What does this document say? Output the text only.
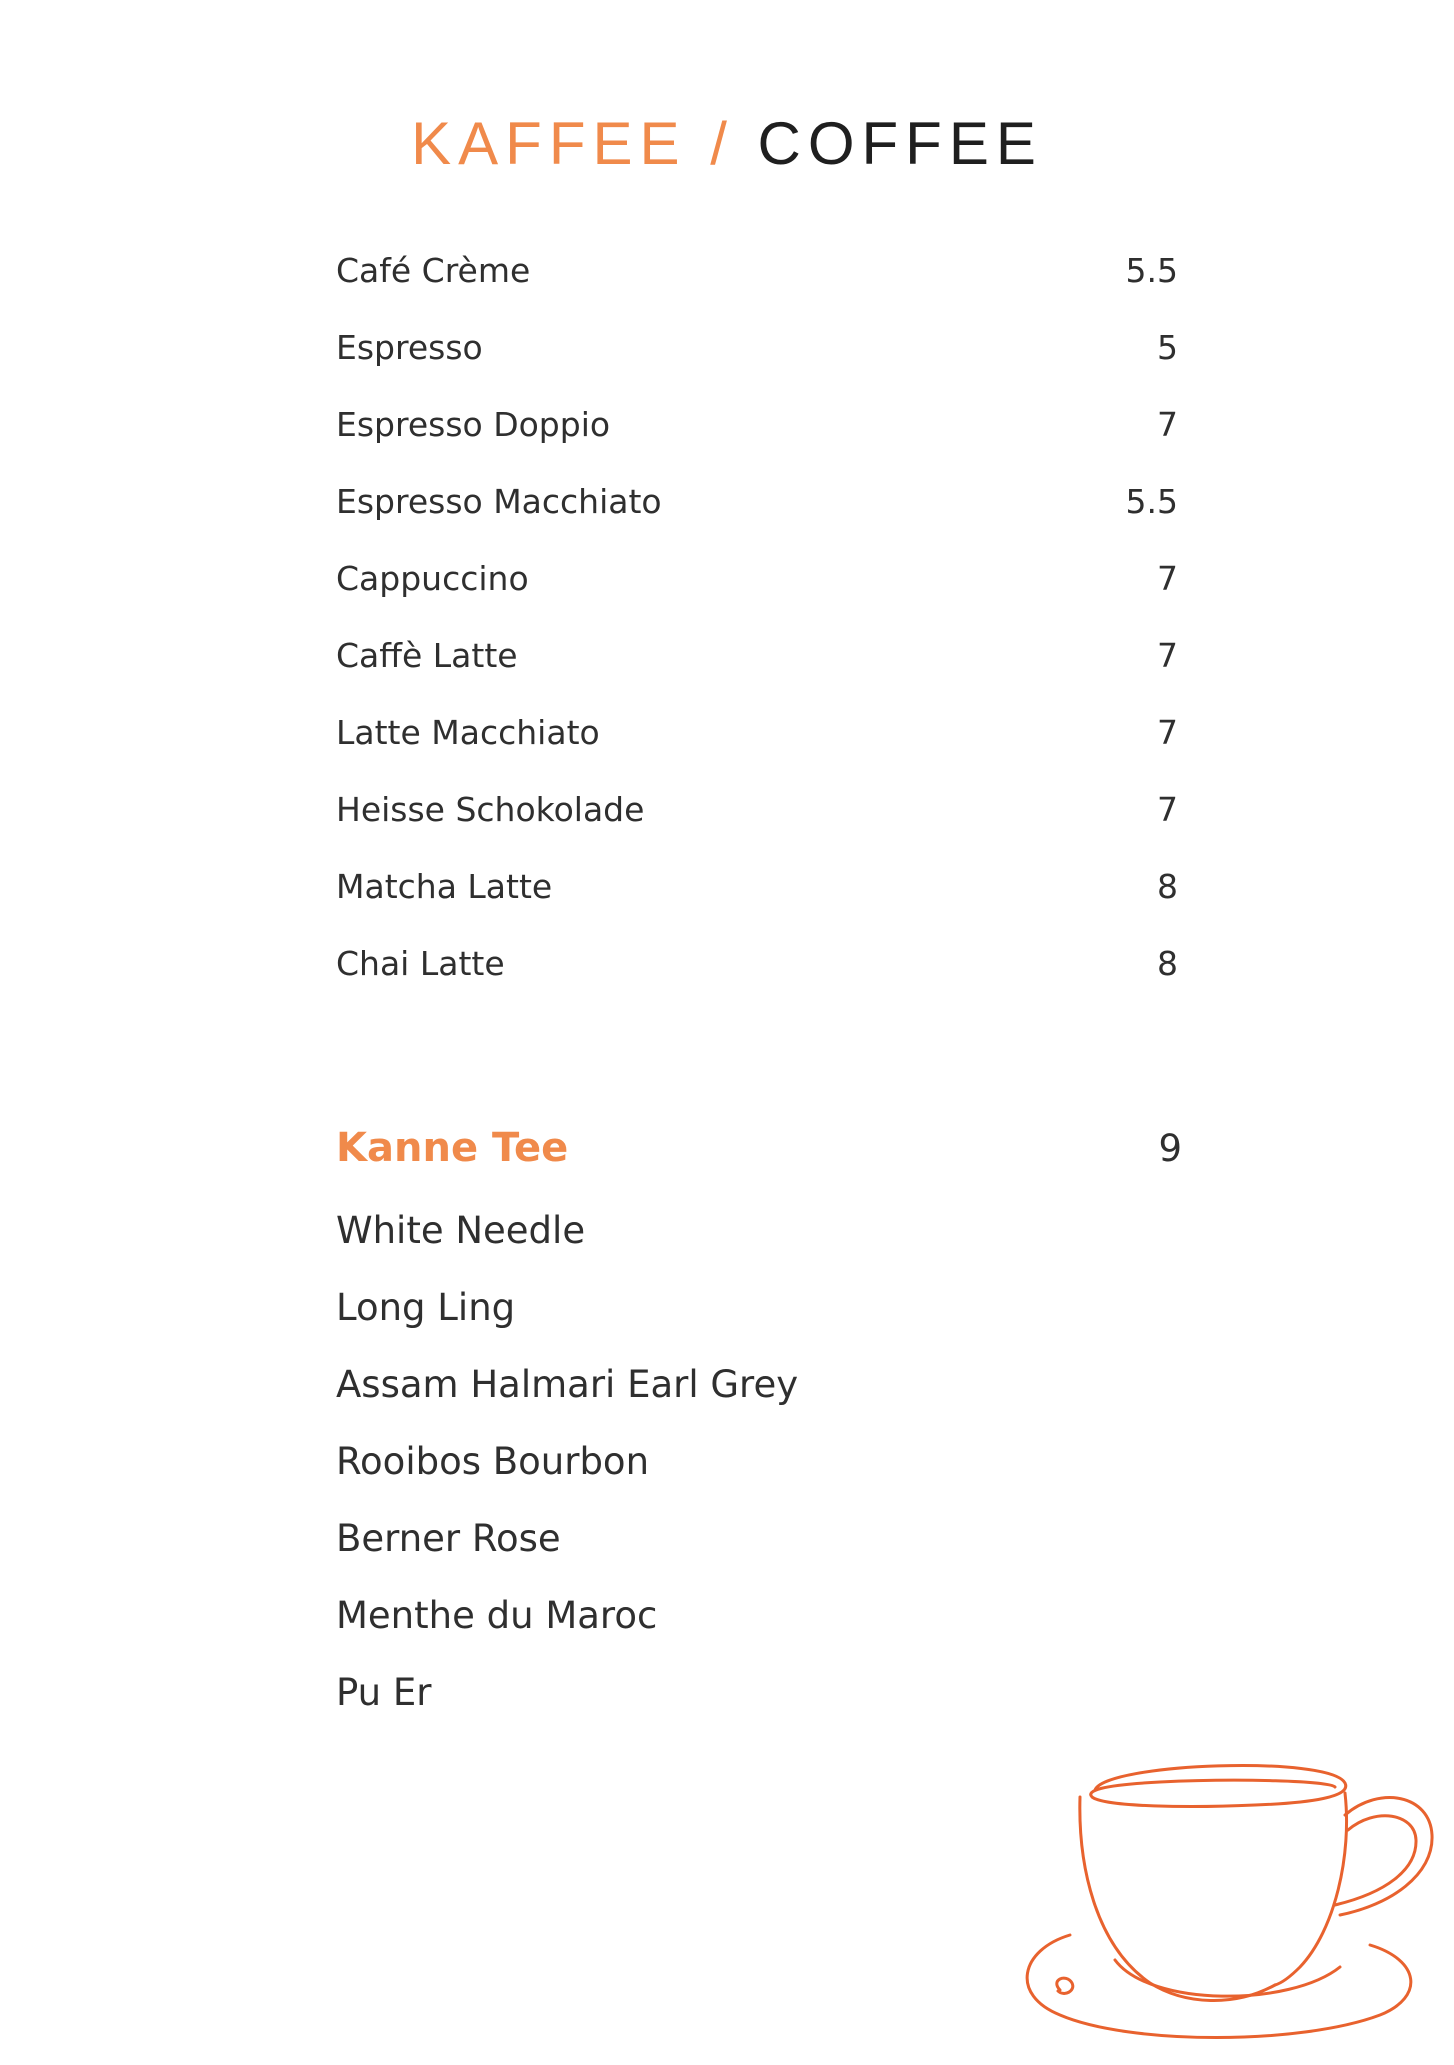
KAFFEE / COFFEE
Café Crème	5.5
Espresso	5
Espresso Doppio	7
Espresso Macchiato	5.5
Cappuccino	7
Caffè Latte	7
Latte Macchiato	7
Heisse Schokolade	7
Matcha Latte	8
Chai Latte	8
Kanne Tee	9
White Needle
Long Ling
Assam Halmari Earl Grey
Rooibos Bourbon
Berner Rose
Menthe du Maroc
Pu Er
